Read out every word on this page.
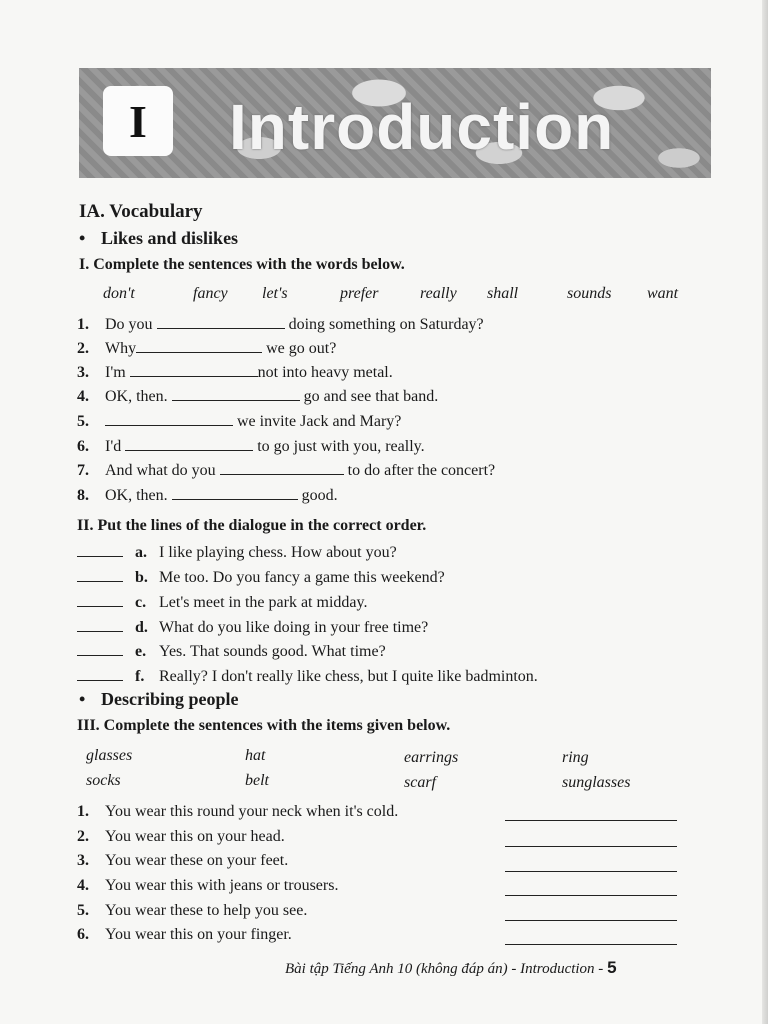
I	Introduction
IA. Vocabulary
• Likes and dislikes
I. Complete the sentences with the words below.
don't	fancy let's	prefer	really shall	sounds want
1. Do you	doing something on Saturday?
2. Why	we go out?
3. I'm	not into heavy metal.
4. OK, then.	go and see that band.
5.	we invite Jack and Mary?
6. I'd	to go just with you, really.
7. And what do you	to do after the concert?
8. OK, then.	good.
II. Put the lines of the dialogue in the correct order.
a. I like playing chess. How about you?
b. Me too. Do you fancy a game this weekend?
c. Let's meet in the park at midday.
d. What do you like doing in your free time?
e. Yes. That sounds good. What time?
f. Really? I don't really like chess, but I quite like badminton.
• Describing people
III. Complete the sentences with the items given below.
glasses	hat	earrings	ring
socks	belt	scarf	sunglasses
1. You wear this round your neck when it's cold.
2. You wear this on your head.
3. You wear these on your feet.
4. You wear this with jeans or trousers.
5. You wear these to help you see.
6. You wear this on your finger.
Bài tập Tiếng Anh 10 (không đáp án) - Introduction - 5
